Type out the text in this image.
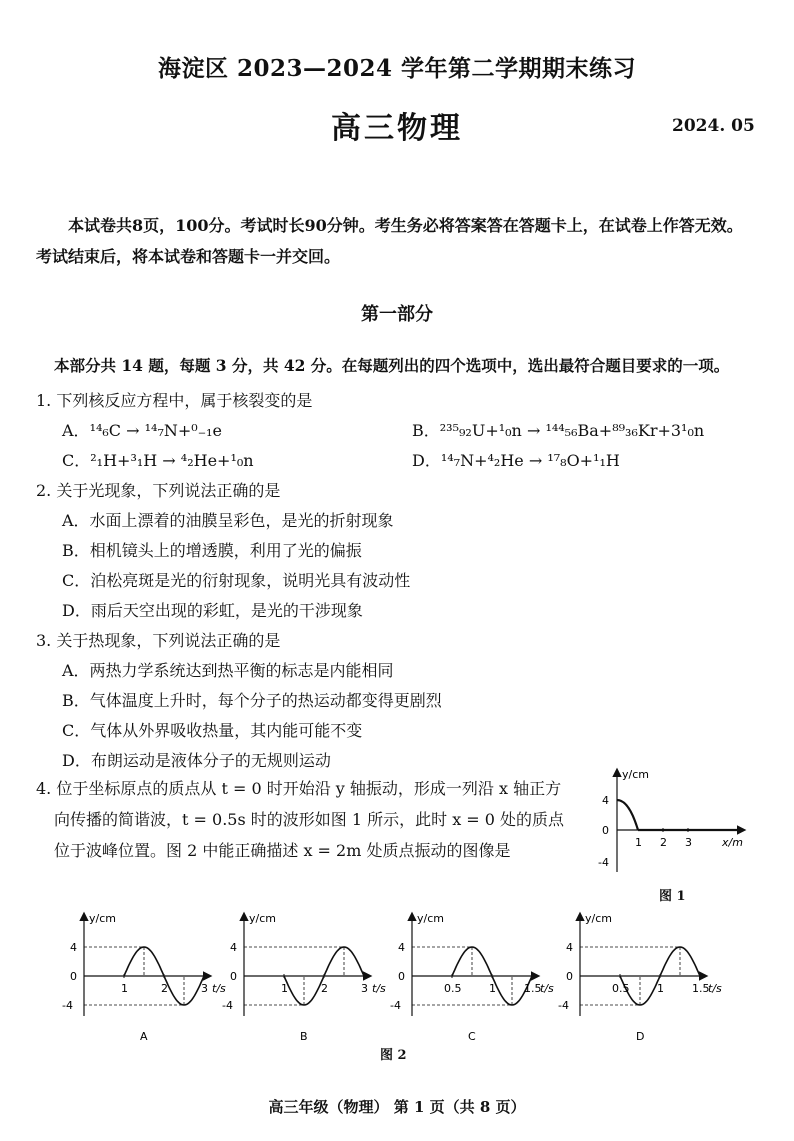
海淀区 2023—2024 学年第二学期期末练习
高三物理	2024. 05
本试卷共8页，100分。考试时长90分钟。考生务必将答案答在答题卡上，在试卷上作答无效。考试结束后，将本试卷和答题卡一并交回。
第一部分
本部分共 14 题，每题 3 分，共 42 分。在每题列出的四个选项中，选出最符合题目要求的一项。
1. 下列核反应方程中，属于核裂变的是
A．¹⁴₆C → ¹⁴₇N+⁰₋₁e	B．²³⁵₉₂U+¹₀n → ¹⁴⁴₅₆Ba+⁸⁹₃₆Kr+3¹₀n
C．²₁H+³₁H → ⁴₂He+¹₀n	D．¹⁴₇N+⁴₂He → ¹⁷₈O+¹₁H
2. 关于光现象，下列说法正确的是
A．水面上漂着的油膜呈彩色，是光的折射现象
B．相机镜头上的增透膜，利用了光的偏振
C．泊松亮斑是光的衍射现象，说明光具有波动性
D．雨后天空出现的彩虹，是光的干涉现象
3. 关于热现象，下列说法正确的是
A．两热力学系统达到热平衡的标志是内能相同
B．气体温度上升时，每个分子的热运动都变得更剧烈
C．气体从外界吸收热量，其内能可能不变
D．布朗运动是液体分子的无规则运动
4. 位于坐标原点的质点从 t = 0 时开始沿 y 轴振动，形成一列沿 x 轴正方
向传播的简谐波，t = 0.5s 时的波形如图 1 所示，此时 x = 0 处的质点
位于波峰位置。图 2 中能正确描述 x = 2m 处质点振动的图像是
y/cm
x/m
4
0
-4
1 2 3
图 1
y/cm
t/s
4
0
-4
1	2	3
A
y/cm
t/s
4
0
-4
1	2	3
B
y/cm
t/s
4
0
-4
0.5	1	1.5
C
y/cm
t/s
4
0
-4
0.5	1	1.5
D
图 2
高三年级（物理） 第 1 页（共 8 页）
